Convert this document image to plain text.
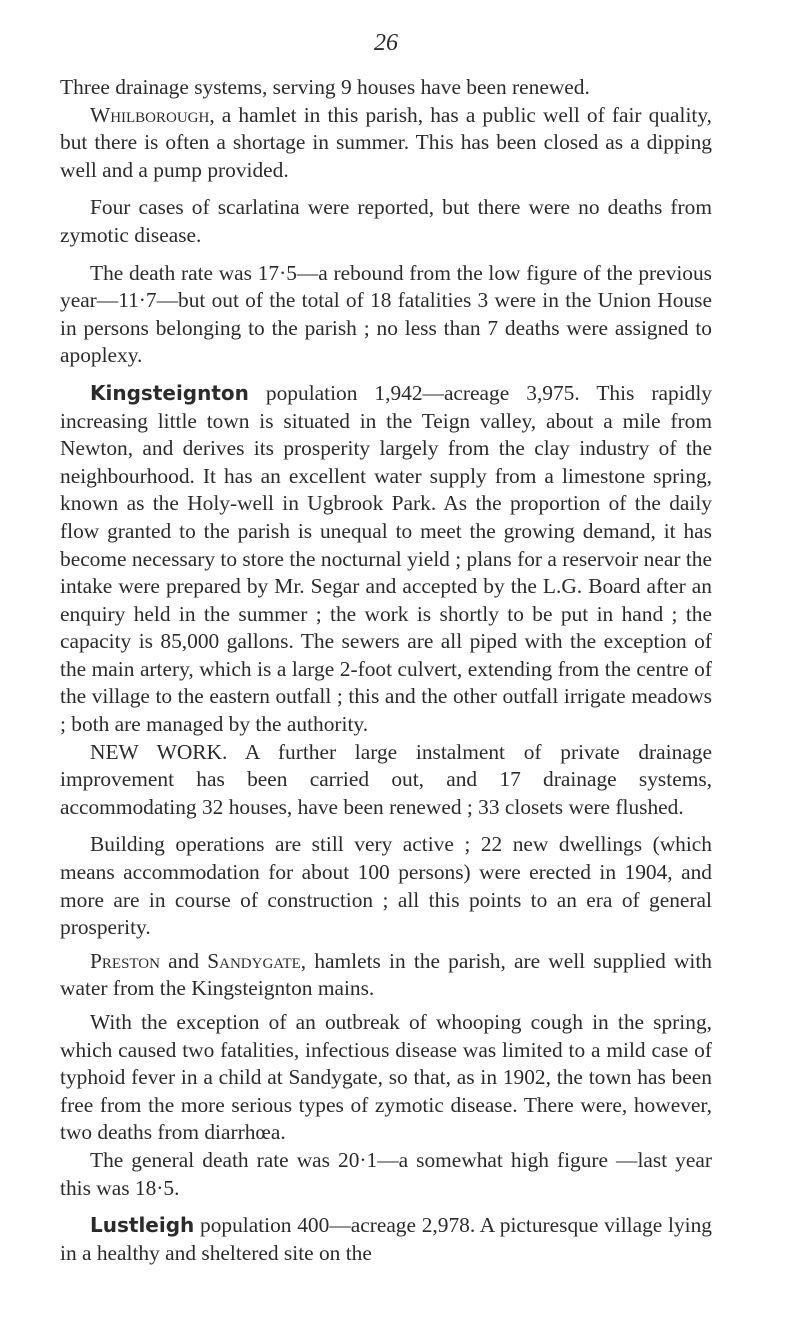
26

Three drainage systems, serving 9 houses have been renewed.

Whilborough, a hamlet in this parish, has a public well of fair quality, but there is often a shortage in summer. This has been closed as a dipping well and a pump provided.

Four cases of scarlatina were reported, but there were no deaths from zymotic disease.

The death rate was 17·5—a rebound from the low figure of the previous year—11·7—but out of the total of 18 fatalities 3 were in the Union House in persons belonging to the parish ; no less than 7 deaths were assigned to apoplexy.

Kingsteignton population 1,942—acreage 3,975. This rapidly increasing little town is situated in the Teign valley, about a mile from Newton, and derives its prosperity largely from the clay industry of the neighbourhood. It has an excellent water supply from a limestone spring, known as the Holy-well in Ugbrook Park. As the proportion of the daily flow granted to the parish is unequal to meet the growing demand, it has become necessary to store the nocturnal yield ; plans for a reservoir near the intake were prepared by Mr. Segar and accepted by the L.G. Board after an enquiry held in the summer ; the work is shortly to be put in hand ; the capacity is 85,000 gallons. The sewers are all piped with the exception of the main artery, which is a large 2-foot culvert, extending from the centre of the village to the eastern outfall ; this and the other outfall irrigate meadows ; both are managed by the authority.

NEW WORK. A further large instalment of private drainage improvement has been carried out, and 17 drainage systems, accommodating 32 houses, have been renewed ; 33 closets were flushed.

Building operations are still very active ; 22 new dwellings (which means accommodation for about 100 persons) were erected in 1904, and more are in course of construction ; all this points to an era of general prosperity.

Preston and Sandygate, hamlets in the parish, are well supplied with water from the Kingsteignton mains.

With the exception of an outbreak of whooping cough in the spring, which caused two fatalities, infectious disease was limited to a mild case of typhoid fever in a child at Sandygate, so that, as in 1902, the town has been free from the more serious types of zymotic disease. There were, however, two deaths from diarrhœa.

The general death rate was 20·1—a somewhat high figure —last year this was 18·5.

Lustleigh population 400—acreage 2,978. A picturesque village lying in a healthy and sheltered site on the
